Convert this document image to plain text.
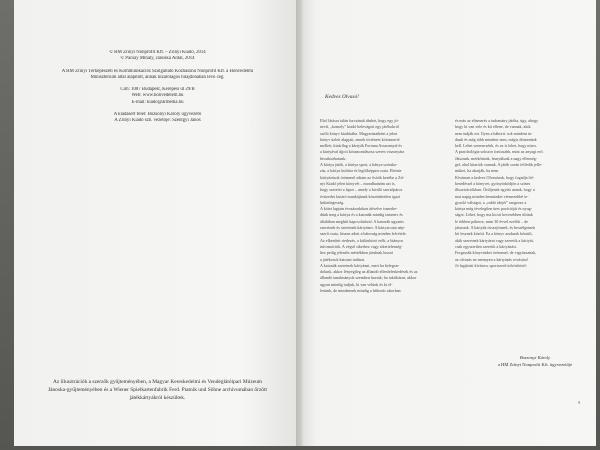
© HM Zrínyi Nonprofit Kft. – Zrínyi Kiadó, 2014
© Pacsay Mihály, Jánoska Antal, 2014
A HM Zrínyi Térképészeti és Kommunikációs Szolgáltató Közhasznú Nonprofit Kft. a Honvédelmi
Minisztérium által alapított, annak kizárólagos tulajdonában lévő cég.
Cím: 1087 Budapest, Kerepesi út 29/B
Web: www.honvedelem.hu
E-mail: kiado@armedia.hu
A kiadásért felel: Bozsonyi Károly ügyvezető
A Zrínyi Kiadó szb. vezetője: Szentgyi János
Az illusztrációk a szerzők gyűjteményében, a Magyar Kereskedelmi és Vendéglátóipari Múzeum
Jánoska-gyűjteményében és a Wiener Spielkartenfabrik Ferd. Piatnik und Söhne archívumában őrzött
játékkártyákról készültek.
Kedves Olvasó!
Első látásra talán furcsának tűnhet, hogy egy jó-
nevű, „komoly” kiadó belevágott egy játékokról
szóló könyv kiadásába. Magyarázatként a jelen
könyv üzleti alapjait, ennek története közismerté
mellett, kisúrílag a kártyák Fortuna Asszonnyal és
a kártyával újjoti köszmondásosa szeres viszonyára
hivatkozhatunk.
A kártya játék, a kártya sport, a kártya szórako-
zás, a kártya kultúra és legfőképpen csata. Eleinte
kártyázások örömmel adtam az ősöök kezébe a Zrí-
nyi Kiadó jelen könyvét – mondhatnám azt is,
hogy szeretet a lapot – amely a kiváló szerzőpáros
évtizedes kutató munkájának köszönhetően igazi
különlegesség.
A kötet lapjain évszázadokon átívelve ismerke-
dünk meg a kártya és a katonák mindig izmentv és
általában meghitt kapcsolatával. A katonák ugyanis
szeretnek és szeretnek kártyázni. A kártyacsata nép-
szerű csata, hiszen adott a bátorság minden felvétele.
Az elkezdett rtedezés, a különbözö erők, a hiányos
információk. A végső sikerhez vagy sikertelenség-
hez pedig jelentős mértékben járulnak hozzá
a játékosok katonai tudásai.
A katonák szeretnek kártyázni, mert ha belegon-
dolunk, akkor lényegileg az állandó ellenfeleskedések és az
állandó tanulmányok szemben hoztak; ha taktikázni, akkor
ugyan mindig tudjuk, ki van velünk és ki el-
lenünk, de mindennek mindig a háborús sátorban
és más az elismerés a tudomány játéka, úgy, ahogy
hogy ki van vele és kit ellene, de vannak, akik
nem tudják ezt. Ilyen a háború: sok mindent tu-
dunk és még több mindent nem, mégis döntenünk
kell. Lehet szerencsénk, és az is lehet, hogy nincs.
A pszichológia sokszor fontosabb, mint az anyagi erő.
Játszunk, mérkőzünk, lesnyúlunk a nagy ellenség-
gel, ahol kitartók vannak. A játék során felfedik jelle-
müket, ha akarják, ha nem.
Kívánom a kedves Olvasónak, hogy fogadja lel-
kesedéssel a könyvet, gyönyörködjön a színes
illusztrációkban. Örüljenek együtt annak, hogy a
mai napig minden bennünket vérmesebbé te-
gyaxló válságot, a „rabló idejét” szegezze a
kártya még tévelegően üres pozícióját és nyug-
ságot. Lehet, hogy ma kicsit kevesebben ültünk
le többen pókerre, mint 30 évvel ezelőtt – de
játszunk. A kártyák összejönnek, és beszélgetnek
kit lesznek között. Ez a könyv azoknak készült,
akik szeretnek kártyázni vagy szeretik a kártyát,
csak egyszerűen szeretik a kártyázást.
Forgassák könyvünket örömmel, de vigyázzanak,
az olvasás ne mennyen a kártyázás rovására!
Jó lapjárást kívánva, sportszerű üdvözlettel:
Bozsonyi Károly
a HM Zrínyi Nonprofit Kft. ügyvezetője
5
